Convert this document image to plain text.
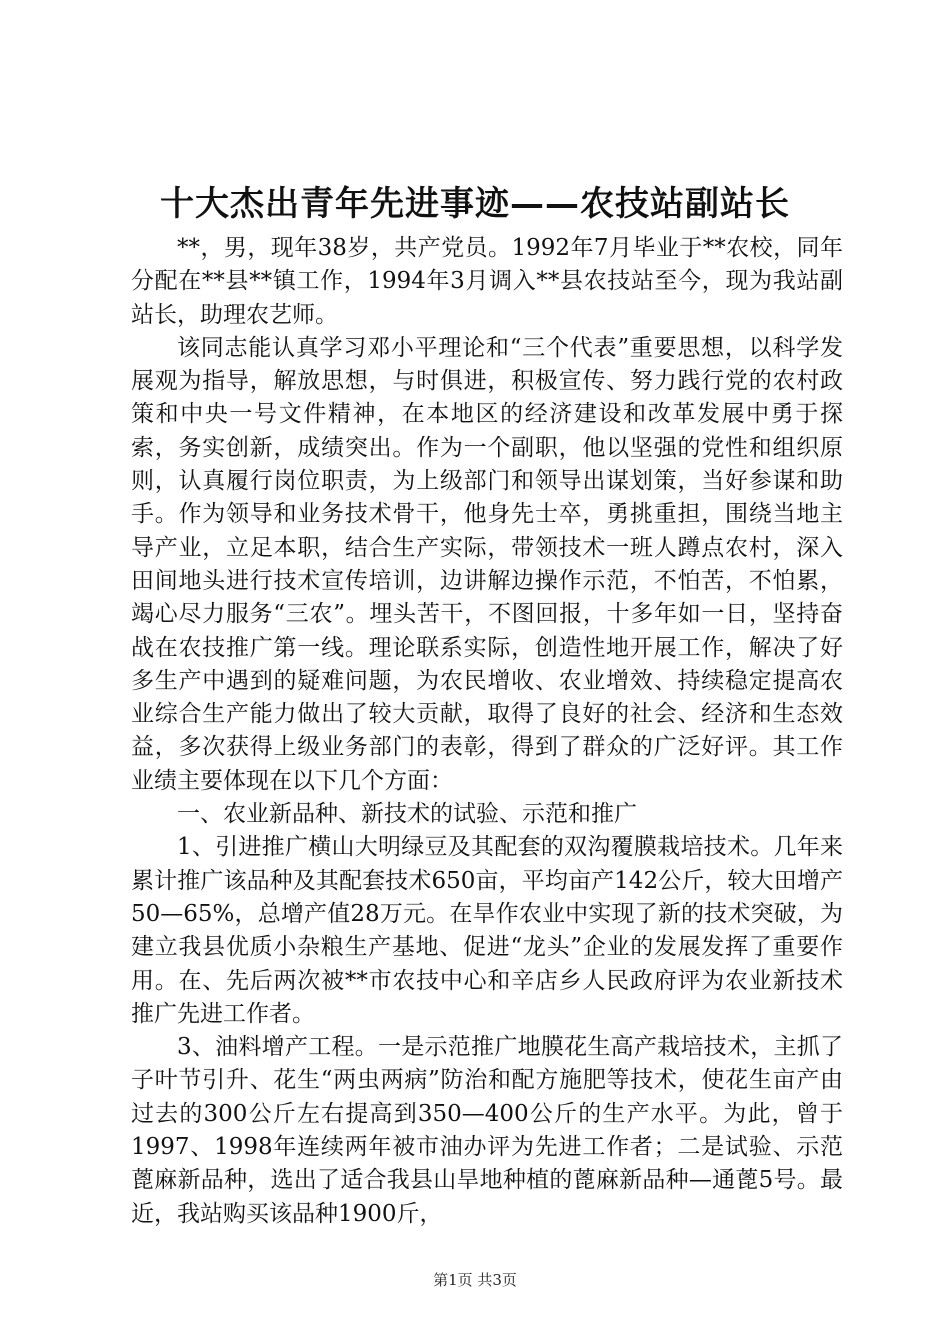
十大杰出青年先进事迹——农技站副站长

**，男，现年38岁，共产党员。1992年7月毕业于**农校，同年分配在**县**镇工作，1994年3月调入**县农技站至今，现为我站副站长，助理农艺师。

该同志能认真学习邓小平理论和“三个代表”重要思想，以科学发展观为指导，解放思想，与时俱进，积极宣传、努力践行党的农村政策和中央一号文件精神，在本地区的经济建设和改革发展中勇于探索，务实创新，成绩突出。作为一个副职，他以坚强的党性和组织原则，认真履行岗位职责，为上级部门和领导出谋划策，当好参谋和助手。作为领导和业务技术骨干，他身先士卒，勇挑重担，围绕当地主导产业，立足本职，结合生产实际，带领技术一班人蹲点农村，深入田间地头进行技术宣传培训，边讲解边操作示范，不怕苦，不怕累，竭心尽力服务“三农”。埋头苦干，不图回报，十多年如一日，坚持奋战在农技推广第一线。理论联系实际，创造性地开展工作，解决了好多生产中遇到的疑难问题，为农民增收、农业增效、持续稳定提高农业综合生产能力做出了较大贡献，取得了良好的社会、经济和生态效益，多次获得上级业务部门的表彰，得到了群众的广泛好评。其工作业绩主要体现在以下几个方面：

一、农业新品种、新技术的试验、示范和推广

1、引进推广横山大明绿豆及其配套的双沟覆膜栽培技术。几年来累计推广该品种及其配套技术650亩，平均亩产142公斤，较大田增产50—65%，总增产值28万元。在旱作农业中实现了新的技术突破，为建立我县优质小杂粮生产基地、促进“龙头”企业的发展发挥了重要作用。在、先后两次被**市农技中心和辛店乡人民政府评为农业新技术推广先进工作者。

3、油料增产工程。一是示范推广地膜花生高产栽培技术，主抓了子叶节引升、花生“两虫两病”防治和配方施肥等技术，使花生亩产由过去的300公斤左右提高到350—400公斤的生产水平。为此，曾于1997、1998年连续两年被市油办评为先进工作者；二是试验、示范蓖麻新品种，选出了适合我县山旱地种植的蓖麻新品种—通蓖5号。最近，我站购买该品种1900斤，

第1页 共3页
